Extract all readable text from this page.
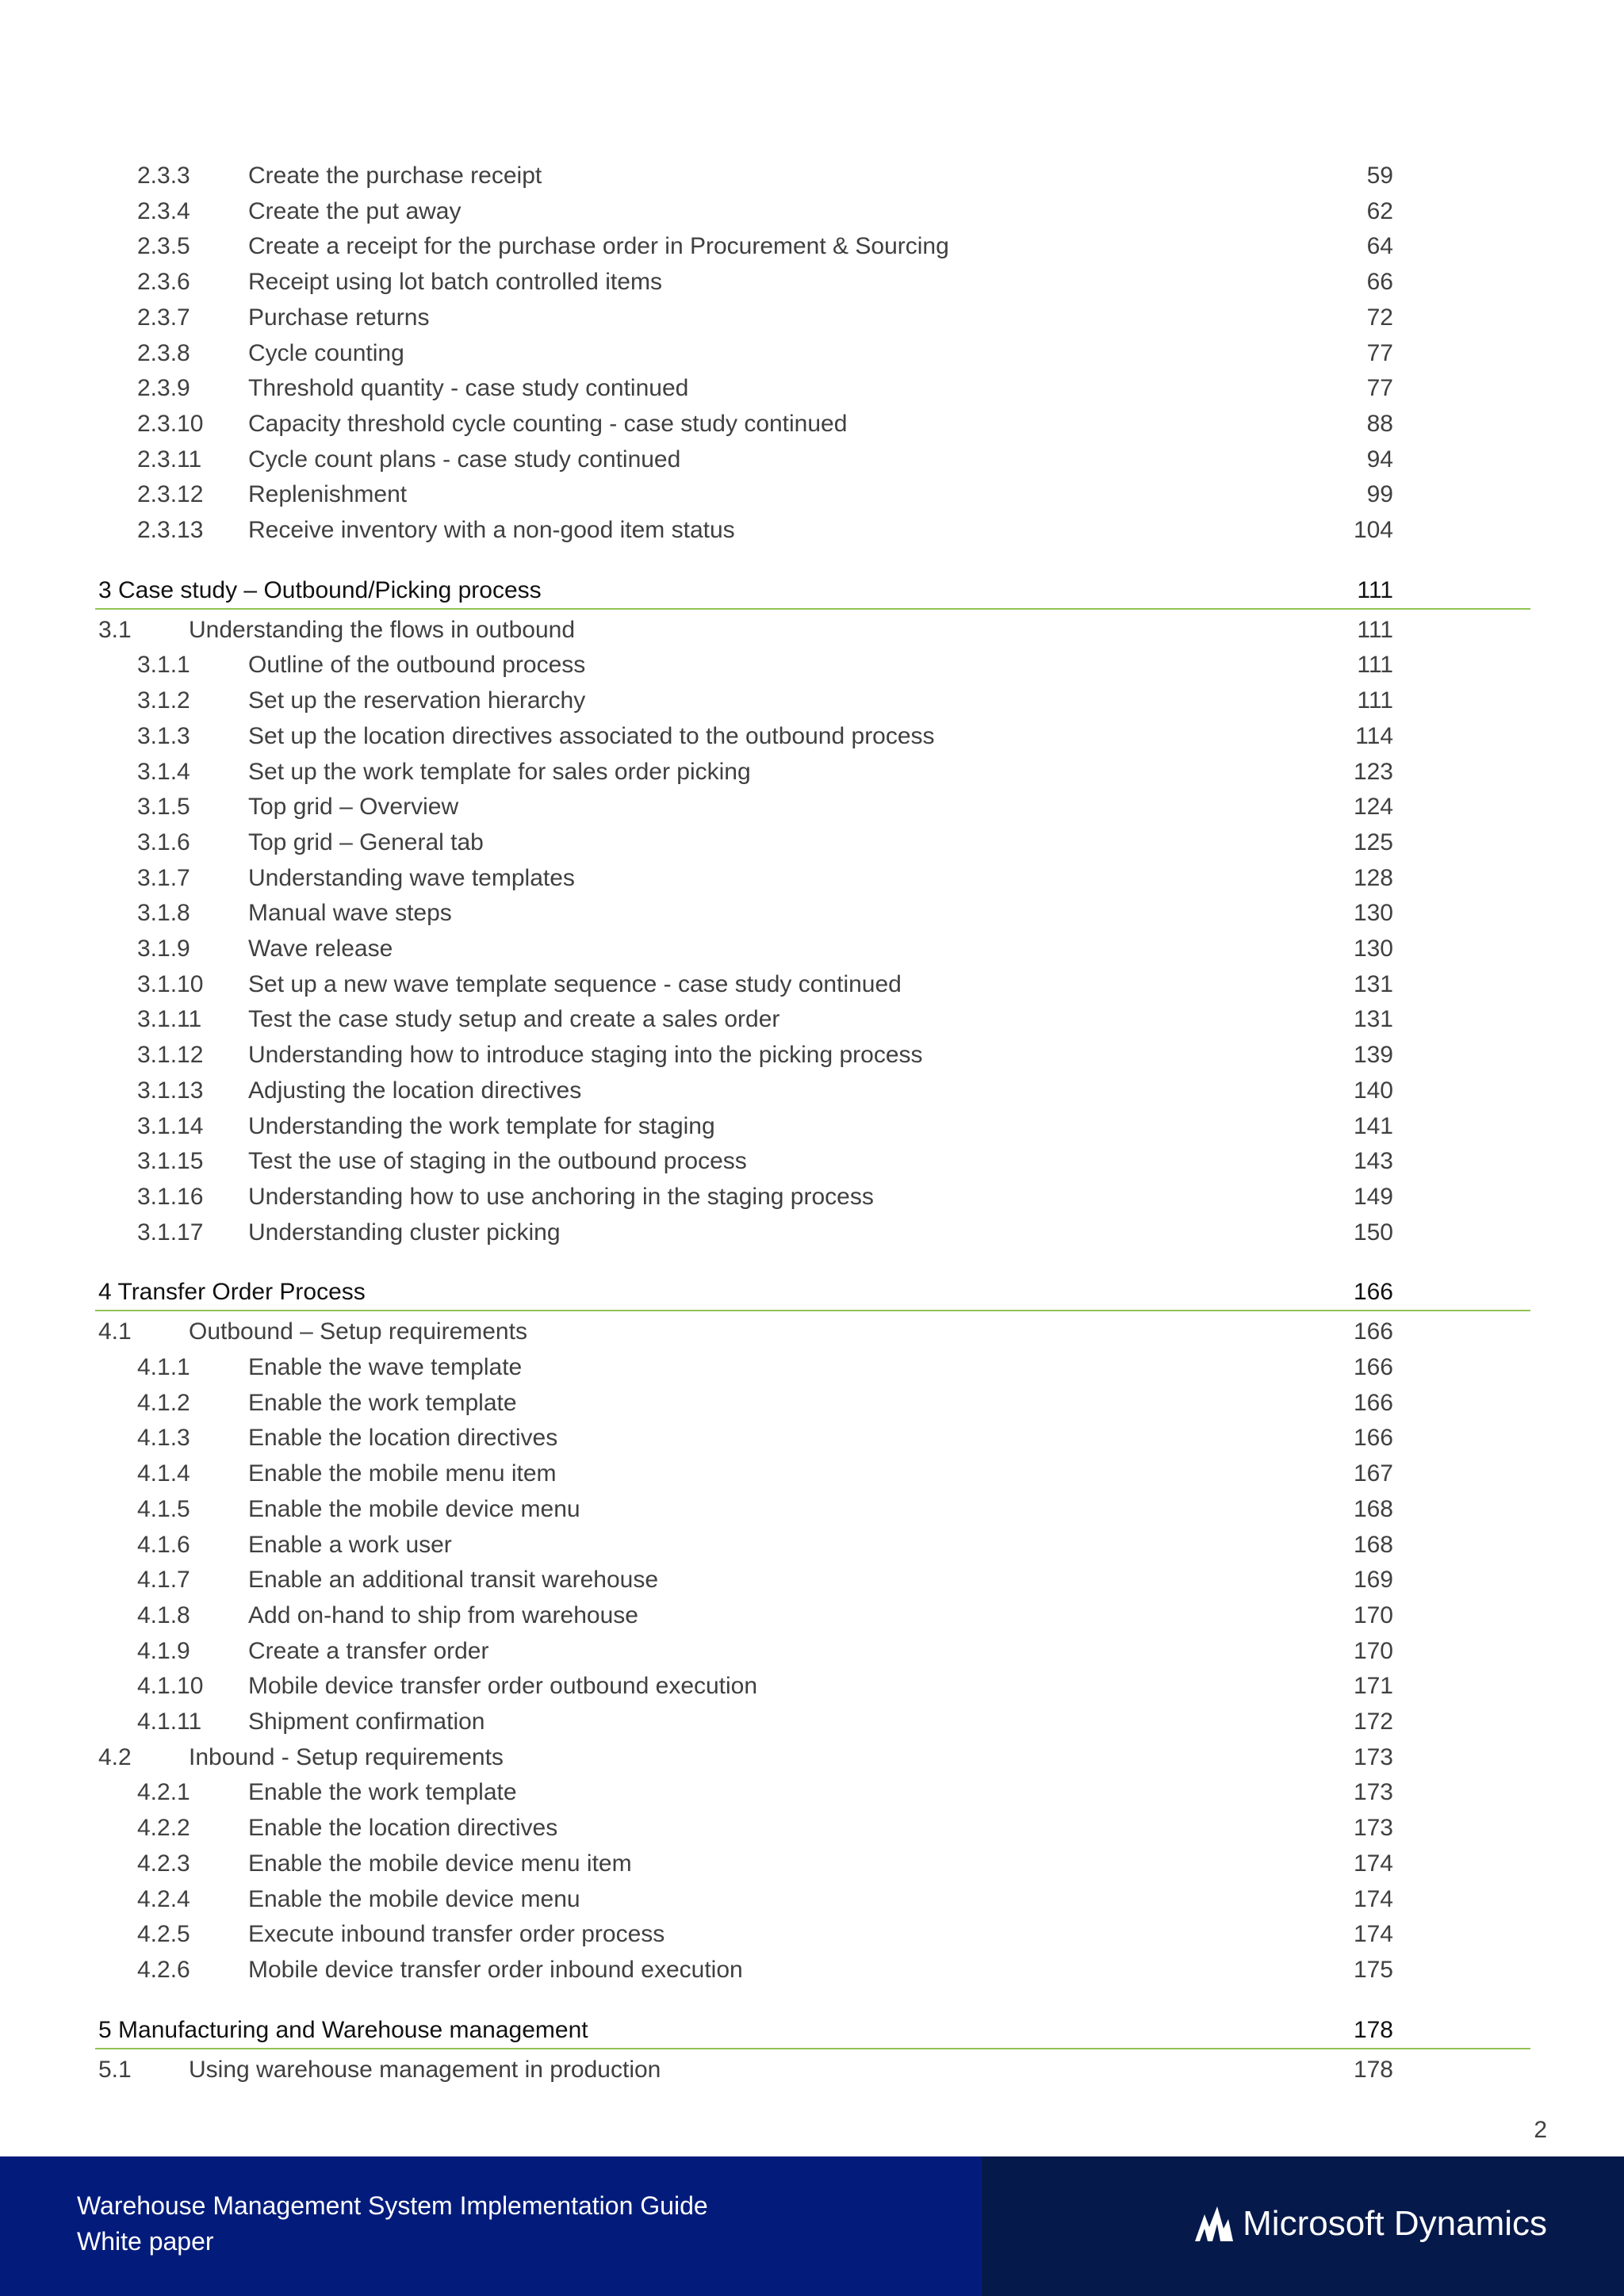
2.3.3 Create the purchase receipt	59
2.3.4 Create the put away	62
2.3.5 Create a receipt for the purchase order in Procurement & Sourcing	64
2.3.6 Receipt using lot batch controlled items	66
2.3.7 Purchase returns	72
2.3.8 Cycle counting	77
2.3.9 Threshold quantity - case study continued	77
2.3.10 Capacity threshold cycle counting - case study continued	88
2.3.11 Cycle count plans - case study continued	94
2.3.12 Replenishment	99
2.3.13 Receive inventory with a non-good item status	104
3 Case study – Outbound/Picking process	111
3.1 Understanding the flows in outbound	111
3.1.1 Outline of the outbound process	111
3.1.2 Set up the reservation hierarchy	111
3.1.3 Set up the location directives associated to the outbound process	114
3.1.4 Set up the work template for sales order picking	123
3.1.5 Top grid – Overview	124
3.1.6 Top grid – General tab	125
3.1.7 Understanding wave templates	128
3.1.8 Manual wave steps	130
3.1.9 Wave release	130
3.1.10 Set up a new wave template sequence - case study continued	131
3.1.11 Test the case study setup and create a sales order	131
3.1.12 Understanding how to introduce staging into the picking process	139
3.1.13 Adjusting the location directives	140
3.1.14 Understanding the work template for staging	141
3.1.15 Test the use of staging in the outbound process	143
3.1.16 Understanding how to use anchoring in the staging process	149
3.1.17 Understanding cluster picking	150
4 Transfer Order Process	166
4.1 Outbound – Setup requirements	166
4.1.1 Enable the wave template	166
4.1.2 Enable the work template	166
4.1.3 Enable the location directives	166
4.1.4 Enable the mobile menu item	167
4.1.5 Enable the mobile device menu	168
4.1.6 Enable a work user	168
4.1.7 Enable an additional transit warehouse	169
4.1.8 Add on-hand to ship from warehouse	170
4.1.9 Create a transfer order	170
4.1.10 Mobile device transfer order outbound execution	171
4.1.11 Shipment confirmation	172
4.2 Inbound - Setup requirements	173
4.2.1 Enable the work template	173
4.2.2 Enable the location directives	173
4.2.3 Enable the mobile device menu item	174
4.2.4 Enable the mobile device menu	174
4.2.5 Execute inbound transfer order process	174
4.2.6 Mobile device transfer order inbound execution	175
5 Manufacturing and Warehouse management	178
5.1 Using warehouse management in production	178
2
Warehouse Management System Implementation Guide
White paper	Microsoft Dynamics
